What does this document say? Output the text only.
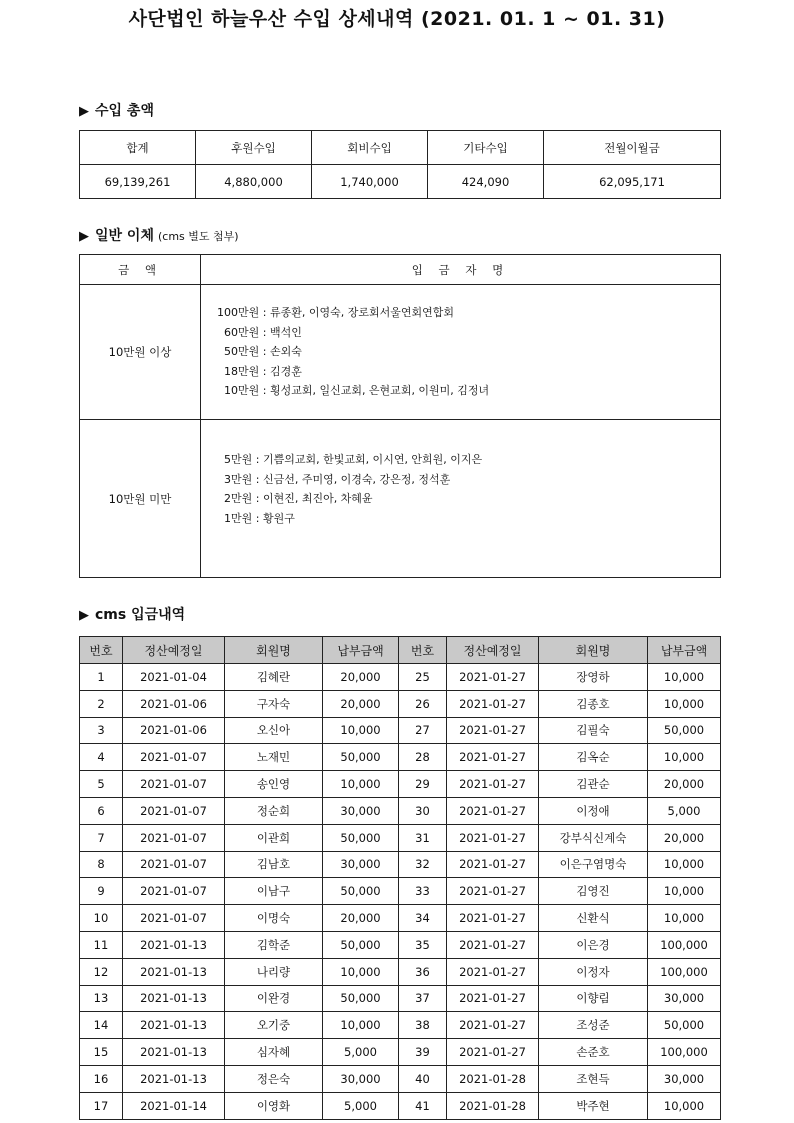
사단법인 하늘우산 수입 상세내역 (2021. 01. 1 ~ 01. 31)
▶ 수입 총액
합계	후원수입	회비수입	기타수입	전월이월금
69,139,261	4,880,000	1,740,000	424,090	62,095,171
▶ 일반 이체 (cms 별도 첨부)
금 액	입 금 자 명
10만원 이상	100만원 : 류종환, 이영숙, 장로회서울연회연합회
60만원 : 백석인
50만원 : 손외숙
18만원 : 김경훈
10만원 : 횡성교회, 일신교회, 은현교회, 이원미, 김정녀

10만원 미만	5만원 : 기쁨의교회, 한빛교회, 이시연, 안희원, 이지은
3만원 : 신금선, 주미영, 이경숙, 강은정, 정석훈
2만원 : 이현진, 최진아, 차혜윤
1만원 : 황원구
▶ cms 입금내역
번호	정산예정일	회원명	납부금액	번호	정산예정일	회원명	납부금액
1	2021-01-04	김혜란	20,000	25	2021-01-27	장영하	10,000
2	2021-01-06	구자숙	20,000	26	2021-01-27	김종호	10,000
3	2021-01-06	오신아	10,000	27	2021-01-27	김필숙	50,000
4	2021-01-07	노재민	50,000	28	2021-01-27	김옥순	10,000
5	2021-01-07	송인영	10,000	29	2021-01-27	김관순	20,000
6	2021-01-07	정순희	30,000	30	2021-01-27	이정애	5,000
7	2021-01-07	이관희	50,000	31	2021-01-27	강부식신계숙	20,000
8	2021-01-07	김남호	30,000	32	2021-01-27	이은구염명숙	10,000
9	2021-01-07	이남구	50,000	33	2021-01-27	김영진	10,000
10	2021-01-07	이명숙	20,000	34	2021-01-27	신환식	10,000
11	2021-01-13	김학준	50,000	35	2021-01-27	이은경	100,000
12	2021-01-13	나리량	10,000	36	2021-01-27	이정자	100,000
13	2021-01-13	이완경	50,000	37	2021-01-27	이향림	30,000
14	2021-01-13	오기중	10,000	38	2021-01-27	조성준	50,000
15	2021-01-13	심자혜	5,000	39	2021-01-27	손준호	100,000
16	2021-01-13	정은숙	30,000	40	2021-01-28	조현득	30,000
17	2021-01-14	이영화	5,000	41	2021-01-28	박주현	10,000
